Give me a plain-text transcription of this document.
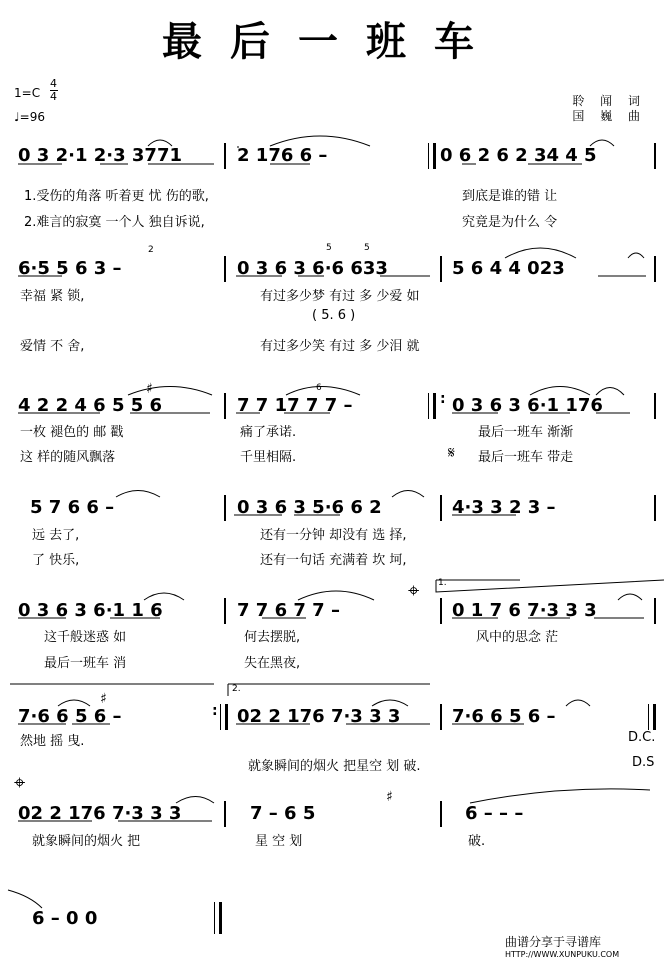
最后一班车
1=C
4
4
♩=96
聆 闻 词
国 巍 曲
0 3 2·1 2·3 3771	2 176 6 –	0 6 2 6 2 34 4 5
1.受伤的角落 听着更 忧 伤的歌,	到底是谁的错 让
2.难言的寂寞 一个人 独自诉说,	究竟是为什么 令
6·5 5 6 3 –	0 3 6 3 6·6 633	5 6 4 4 023
幸福 紧 锁,	有过多少梦 有过 多 少爱 如
( 5. 6 )
爱情 不 舍,	有过多少笑 有过 多 少泪 就
4 2 2 4 6 5 5 6	7 7 17 7 7 –	: 0 3 6 3 6·1 176
一枚 褪色的 邮 戳	痛了承诺.	最后一班车 渐渐
这 样的随风飘落	千里相隔.	𝄋 最后一班车 带走
5 7 6 6 –	0 3 6 3 5·6 6 2	4·3 3 2 3 –
远 去了,	还有一分钟 却没有 选 择,
了 快乐,	还有一句话 充满着 坎 坷,
0 3 6 3 6·1 1 6	7 7 6 7 7 –
⌖
0 1 7 6 7·3 3 3
这千般迷惑 如	何去摆脱,	风中的思念 茫
最后一班车 消	失在黑夜,
7·6 6 5 6 –	: 02 2 176 7·3 3 3	7·6 6 5 6 –
然地 摇 曳.	D.C.
就象瞬间的烟火 把星空 划 破.	D.S
⌖
02 2 176 7·3 3 3	7 – 6 5	6 – – –
就象瞬间的烟火 把	星 空 划	破.
6 – 0 0
1.
2.
2	5	5
6
♯
♯
♯
曲谱分享于寻谱库
HTTP://WWW.XUNPUKU.COM
